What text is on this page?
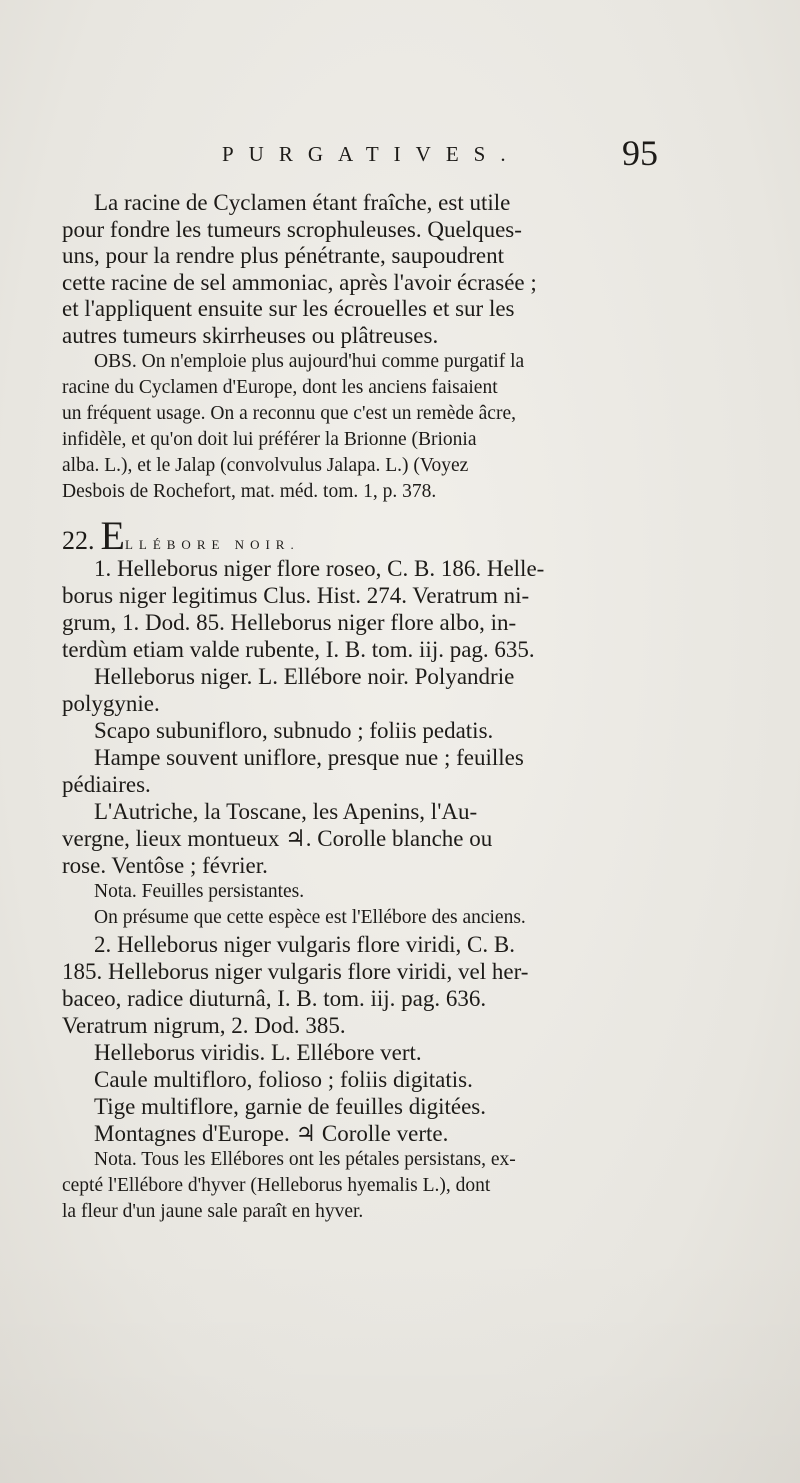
PURGATIVES.	95
La racine de Cyclamen étant fraîche, est utile
pour fondre les tumeurs scrophuleuses. Quelques-
uns, pour la rendre plus pénétrante, saupoudrent
cette racine de sel ammoniac, après l'avoir écrasée ;
et l'appliquent ensuite sur les écrouelles et sur les
autres tumeurs skirrheuses ou plâtreuses.
OBS. On n'emploie plus aujourd'hui comme purgatif la
racine du Cyclamen d'Europe, dont les anciens faisaient
un fréquent usage. On a reconnu que c'est un remède âcre,
infidèle, et qu'on doit lui préférer la Brionne (Brionia
alba. L.), et le Jalap (convolvulus Jalapa. L.) (Voyez
Desbois de Rochefort, mat. méd. tom. 1, p. 378.
22. ELLÉBORE NOIR.
1. Helleborus niger flore roseo, C. B. 186. Helle-
borus niger legitimus Clus. Hist. 274. Veratrum ni-
grum, 1. Dod. 85. Helleborus niger flore albo, in-
terdùm etiam valde rubente, I. B. tom. iij. pag. 635.
Helleborus niger. L. Ellébore noir. Polyandrie
polygynie.
Scapo subunifloro, subnudo ; foliis pedatis.
Hampe souvent uniflore, presque nue ; feuilles
pédiaires.
L'Autriche, la Toscane, les Apenins, l'Au-
vergne, lieux montueux ♃. Corolle blanche ou
rose. Ventôse ; février.
Nota. Feuilles persistantes.
On présume que cette espèce est l'Ellébore des anciens.
2. Helleborus niger vulgaris flore viridi, C. B.
185. Helleborus niger vulgaris flore viridi, vel her-
baceo, radice diuturnâ, I. B. tom. iij. pag. 636.
Veratrum nigrum, 2. Dod. 385.
Helleborus viridis. L. Ellébore vert.
Caule multifloro, folioso ; foliis digitatis.
Tige multiflore, garnie de feuilles digitées.
Montagnes d'Europe. ♃ Corolle verte.
Nota. Tous les Ellébores ont les pétales persistans, ex-
cepté l'Ellébore d'hyver (Helleborus hyemalis L.), dont
la fleur d'un jaune sale paraît en hyver.
